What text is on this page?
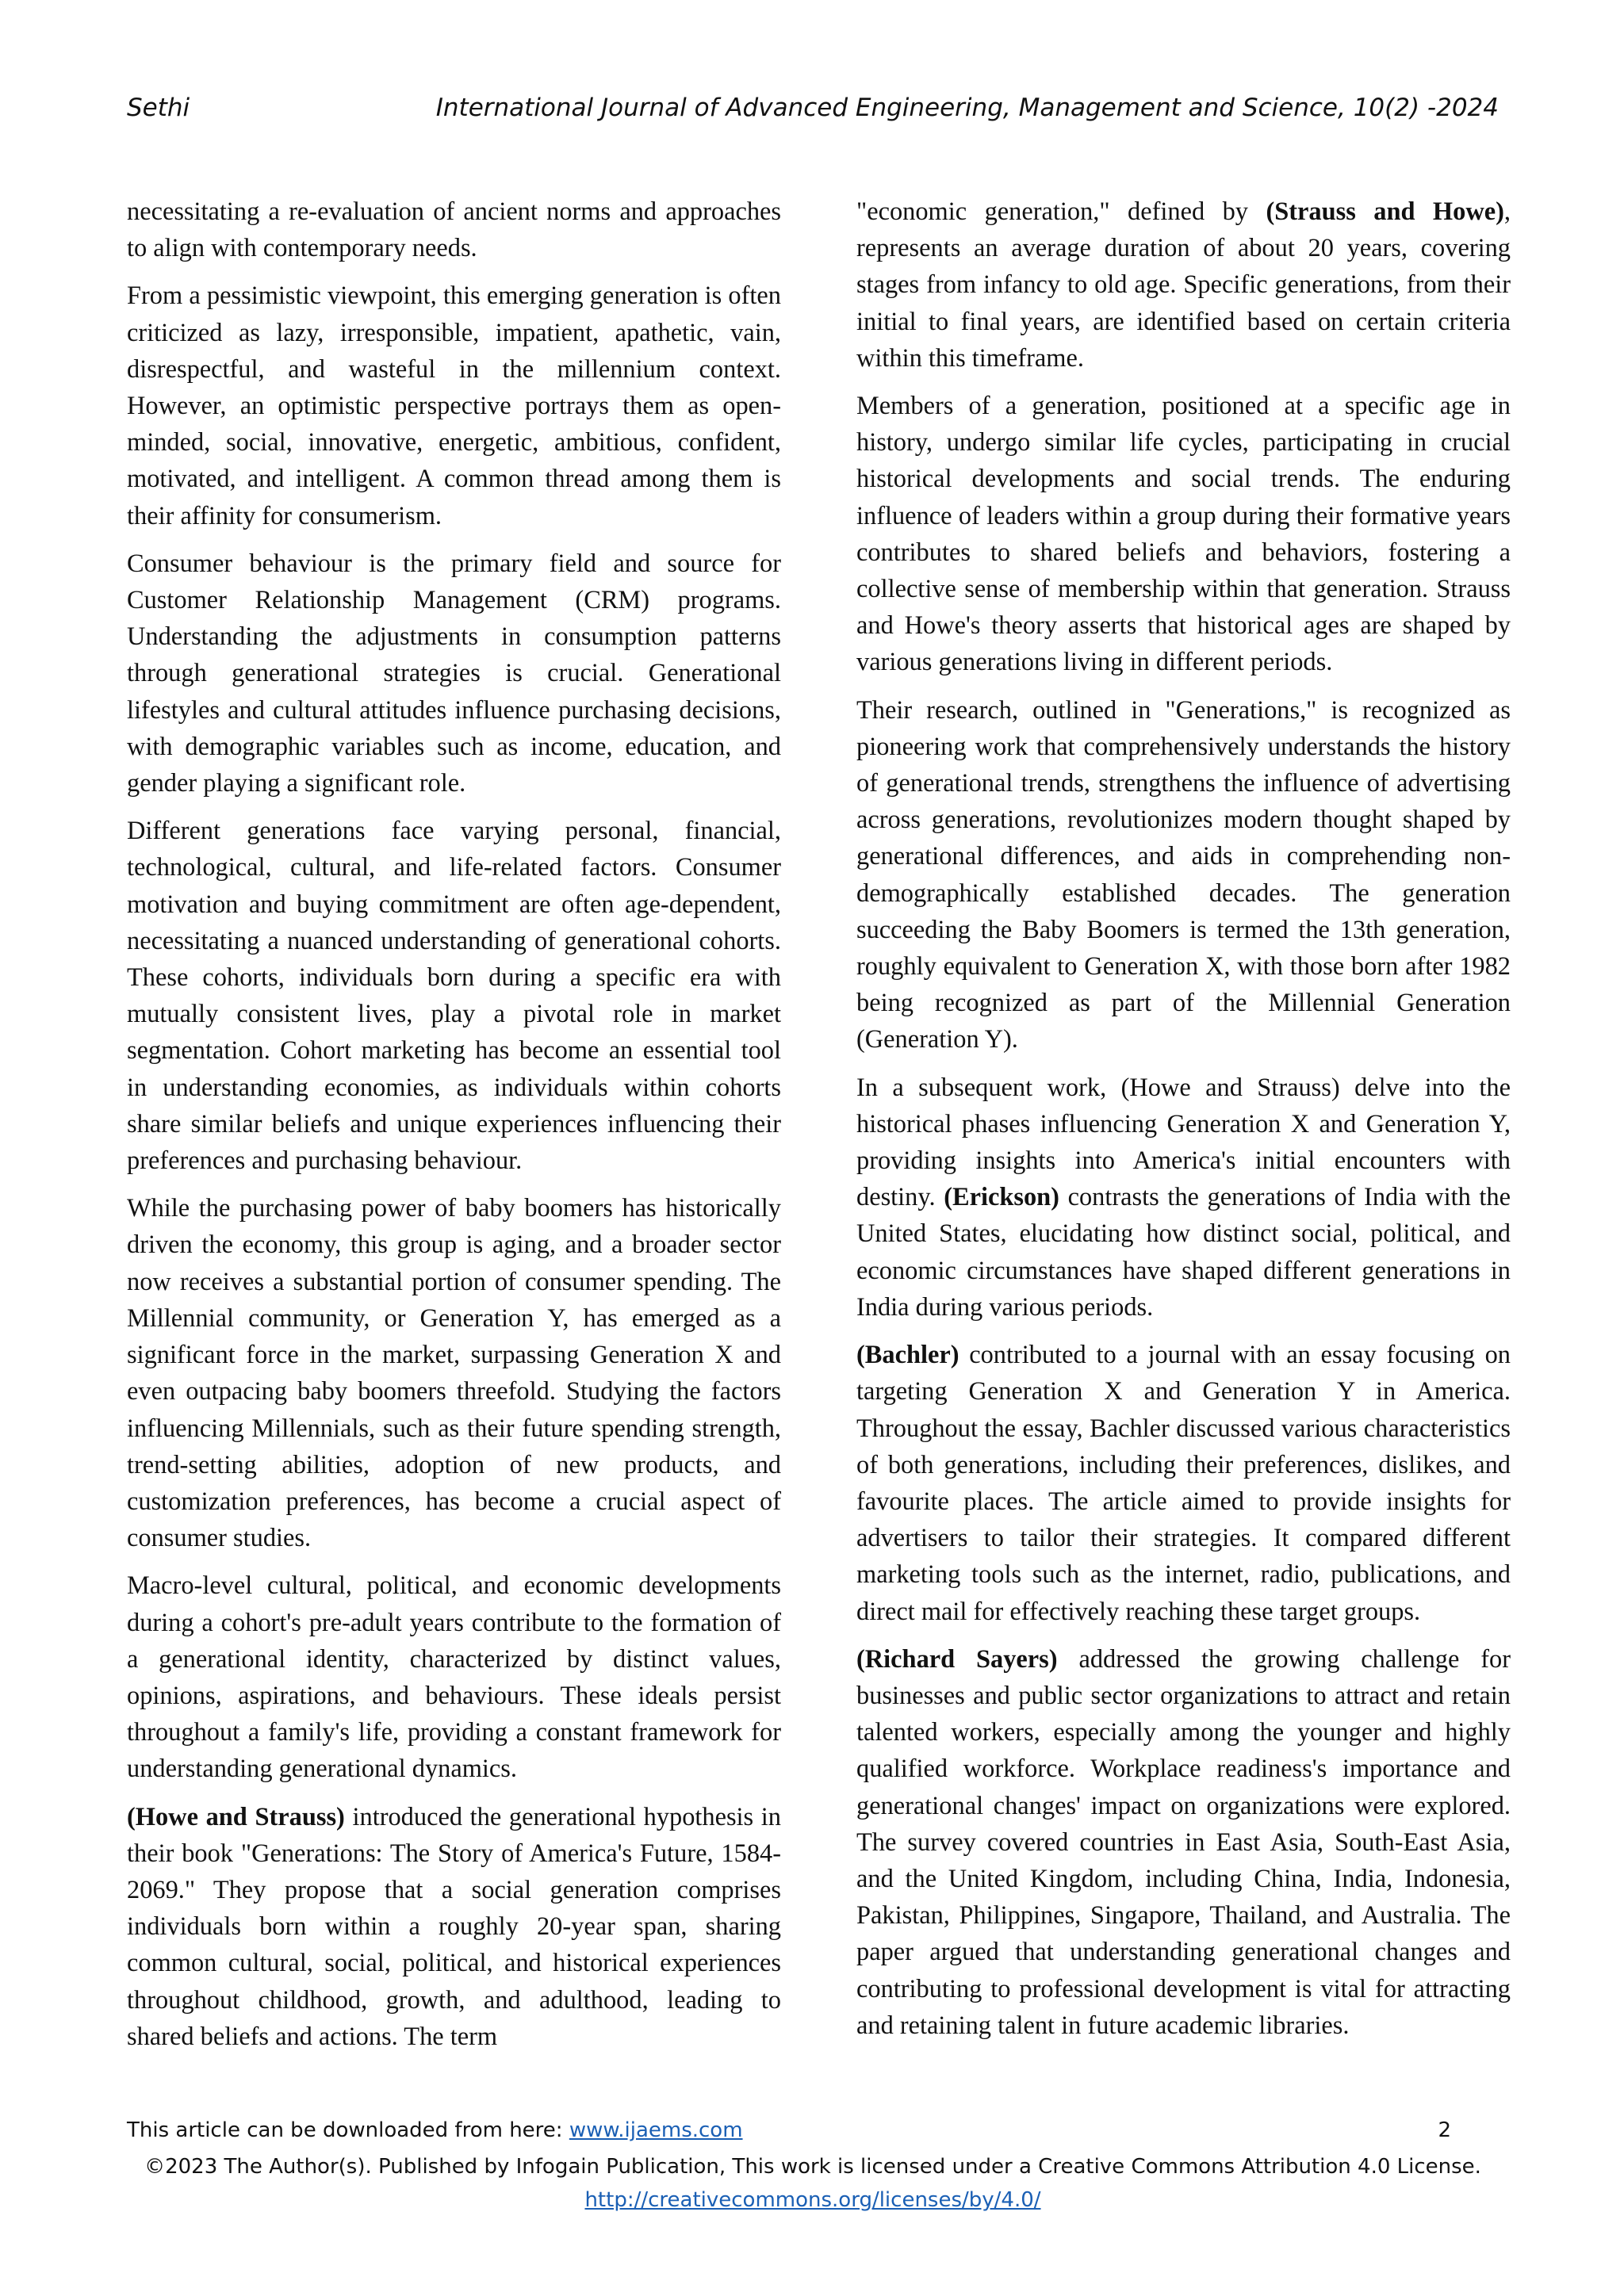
Sethi	International Journal of Advanced Engineering, Management and Science, 10(2) -2024

necessitating a re-evaluation of ancient norms and approaches to align with contemporary needs.

From a pessimistic viewpoint, this emerging generation is often criticized as lazy, irresponsible, impatient, apathetic, vain, disrespectful, and wasteful in the millennium context. However, an optimistic perspective portrays them as open-minded, social, innovative, energetic, ambitious, confident, motivated, and intelligent. A common thread among them is their affinity for consumerism.

Consumer behaviour is the primary field and source for Customer Relationship Management (CRM) programs. Understanding the adjustments in consumption patterns through generational strategies is crucial. Generational lifestyles and cultural attitudes influence purchasing decisions, with demographic variables such as income, education, and gender playing a significant role.

Different generations face varying personal, financial, technological, cultural, and life-related factors. Consumer motivation and buying commitment are often age-dependent, necessitating a nuanced understanding of generational cohorts. These cohorts, individuals born during a specific era with mutually consistent lives, play a pivotal role in market segmentation. Cohort marketing has become an essential tool in understanding economies, as individuals within cohorts share similar beliefs and unique experiences influencing their preferences and purchasing behaviour.

While the purchasing power of baby boomers has historically driven the economy, this group is aging, and a broader sector now receives a substantial portion of consumer spending. The Millennial community, or Generation Y, has emerged as a significant force in the market, surpassing Generation X and even outpacing baby boomers threefold. Studying the factors influencing Millennials, such as their future spending strength, trend-setting abilities, adoption of new products, and customization preferences, has become a crucial aspect of consumer studies.

Macro-level cultural, political, and economic developments during a cohort's pre-adult years contribute to the formation of a generational identity, characterized by distinct values, opinions, aspirations, and behaviours. These ideals persist throughout a family's life, providing a constant framework for understanding generational dynamics.

(Howe and Strauss) introduced the generational hypothesis in their book "Generations: The Story of America's Future, 1584-2069." They propose that a social generation comprises individuals born within a roughly 20-year span, sharing common cultural, social, political, and historical experiences throughout childhood, growth, and adulthood, leading to shared beliefs and actions. The term

"economic generation," defined by (Strauss and Howe), represents an average duration of about 20 years, covering stages from infancy to old age. Specific generations, from their initial to final years, are identified based on certain criteria within this timeframe.

Members of a generation, positioned at a specific age in history, undergo similar life cycles, participating in crucial historical developments and social trends. The enduring influence of leaders within a group during their formative years contributes to shared beliefs and behaviors, fostering a collective sense of membership within that generation. Strauss and Howe's theory asserts that historical ages are shaped by various generations living in different periods.

Their research, outlined in "Generations," is recognized as pioneering work that comprehensively understands the history of generational trends, strengthens the influence of advertising across generations, revolutionizes modern thought shaped by generational differences, and aids in comprehending non-demographically established decades. The generation succeeding the Baby Boomers is termed the 13th generation, roughly equivalent to Generation X, with those born after 1982 being recognized as part of the Millennial Generation (Generation Y).

In a subsequent work, (Howe and Strauss) delve into the historical phases influencing Generation X and Generation Y, providing insights into America's initial encounters with destiny. (Erickson) contrasts the generations of India with the United States, elucidating how distinct social, political, and economic circumstances have shaped different generations in India during various periods.

(Bachler) contributed to a journal with an essay focusing on targeting Generation X and Generation Y in America. Throughout the essay, Bachler discussed various characteristics of both generations, including their preferences, dislikes, and favourite places. The article aimed to provide insights for advertisers to tailor their strategies. It compared different marketing tools such as the internet, radio, publications, and direct mail for effectively reaching these target groups.

(Richard Sayers) addressed the growing challenge for businesses and public sector organizations to attract and retain talented workers, especially among the younger and highly qualified workforce. Workplace readiness's importance and generational changes' impact on organizations were explored. The survey covered countries in East Asia, South-East Asia, and the United Kingdom, including China, India, Indonesia, Pakistan, Philippines, Singapore, Thailand, and Australia. The paper argued that understanding generational changes and contributing to professional development is vital for attracting and retaining talent in future academic libraries.

This article can be downloaded from here: www.ijaems.com	2
©2023 The Author(s). Published by Infogain Publication, This work is licensed under a Creative Commons Attribution 4.0 License.
http://creativecommons.org/licenses/by/4.0/
